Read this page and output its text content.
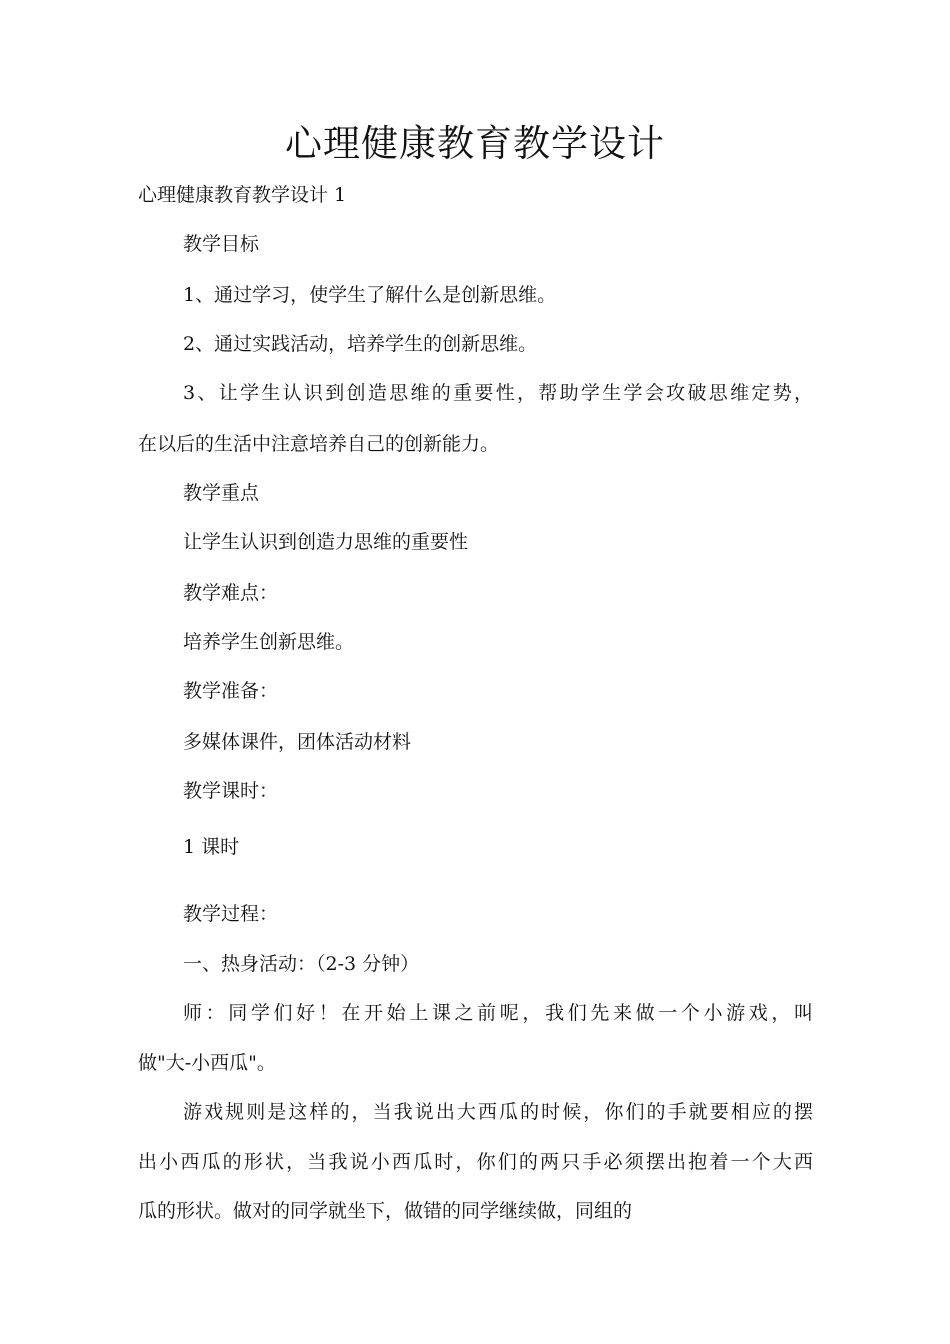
心理健康教育教学设计
心理健康教育教学设计 1
教学目标
1、通过学习，使学生了解什么是创新思维。
2、通过实践活动，培养学生的创新思维。
3、让学生认识到创造思维的重要性，帮助学生学会攻破思维定势，
在以后的生活中注意培养自己的创新能力。
教学重点
让学生认识到创造力思维的重要性
教学难点：
培养学生创新思维。
教学准备：
多媒体课件，团体活动材料
教学课时：
1 课时
教学过程：
一、热身活动：（2-3 分钟）
师：同学们好！在开始上课之前呢，我们先来做一个小游戏，叫
做"大-小西瓜"。
游戏规则是这样的，当我说出大西瓜的时候，你们的手就要相应的摆
出小西瓜的形状，当我说小西瓜时，你们的两只手必须摆出抱着一个大西
瓜的形状。做对的同学就坐下，做错的同学继续做，同组的
